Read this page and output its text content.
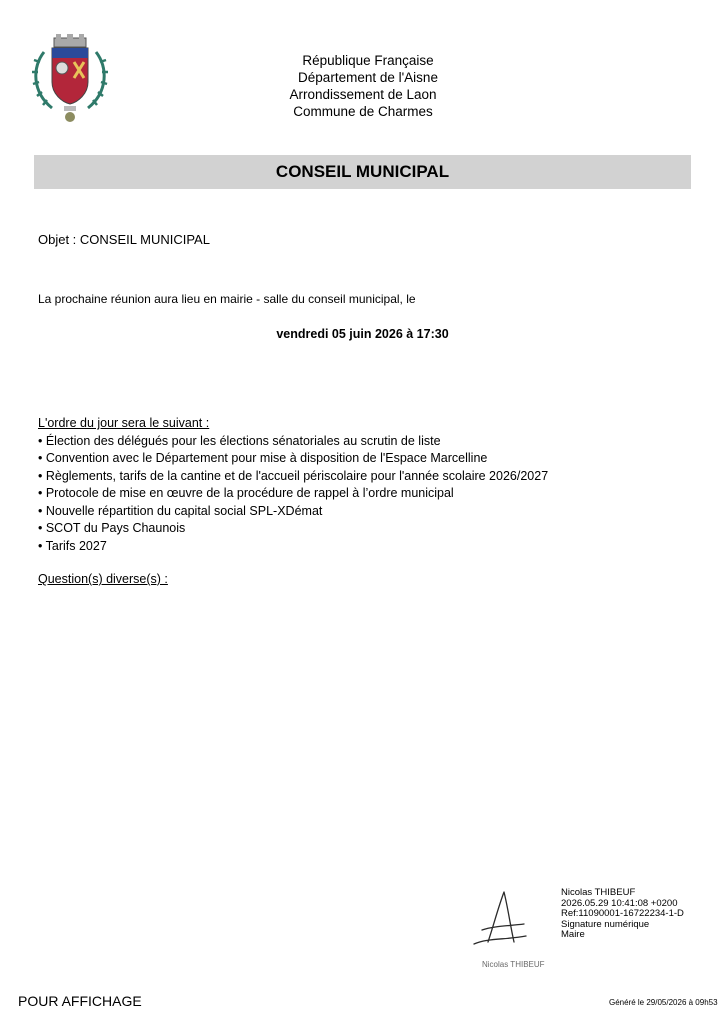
République Française
Département de l'Aisne
Arrondissement de Laon
Commune de Charmes
CONSEIL MUNICIPAL
Objet : CONSEIL MUNICIPAL
La prochaine réunion aura lieu en mairie - salle du conseil municipal, le
vendredi 05 juin 2026 à 17:30
L'ordre du jour sera le suivant :
• Élection des délégués pour les élections sénatoriales au scrutin de liste
• Convention avec le Département pour mise à disposition de l'Espace Marcelline
• Règlements, tarifs de la cantine et de l'accueil périscolaire pour l'année scolaire 2026/2027
• Protocole de mise en œuvre de la procédure de rappel à l’ordre municipal
• Nouvelle répartition du capital social SPL-XDémat
• SCOT du Pays Chaunois
• Tarifs 2027
Question(s) diverse(s) :
Nicolas THIBEUF
Nicolas THIBEUF
2026.05.29 10:41:08 +0200
Ref:11090001-16722234-1-D
Signature numérique
Maire
POUR AFFICHAGE	Généré le 29/05/2026 à 09h53
